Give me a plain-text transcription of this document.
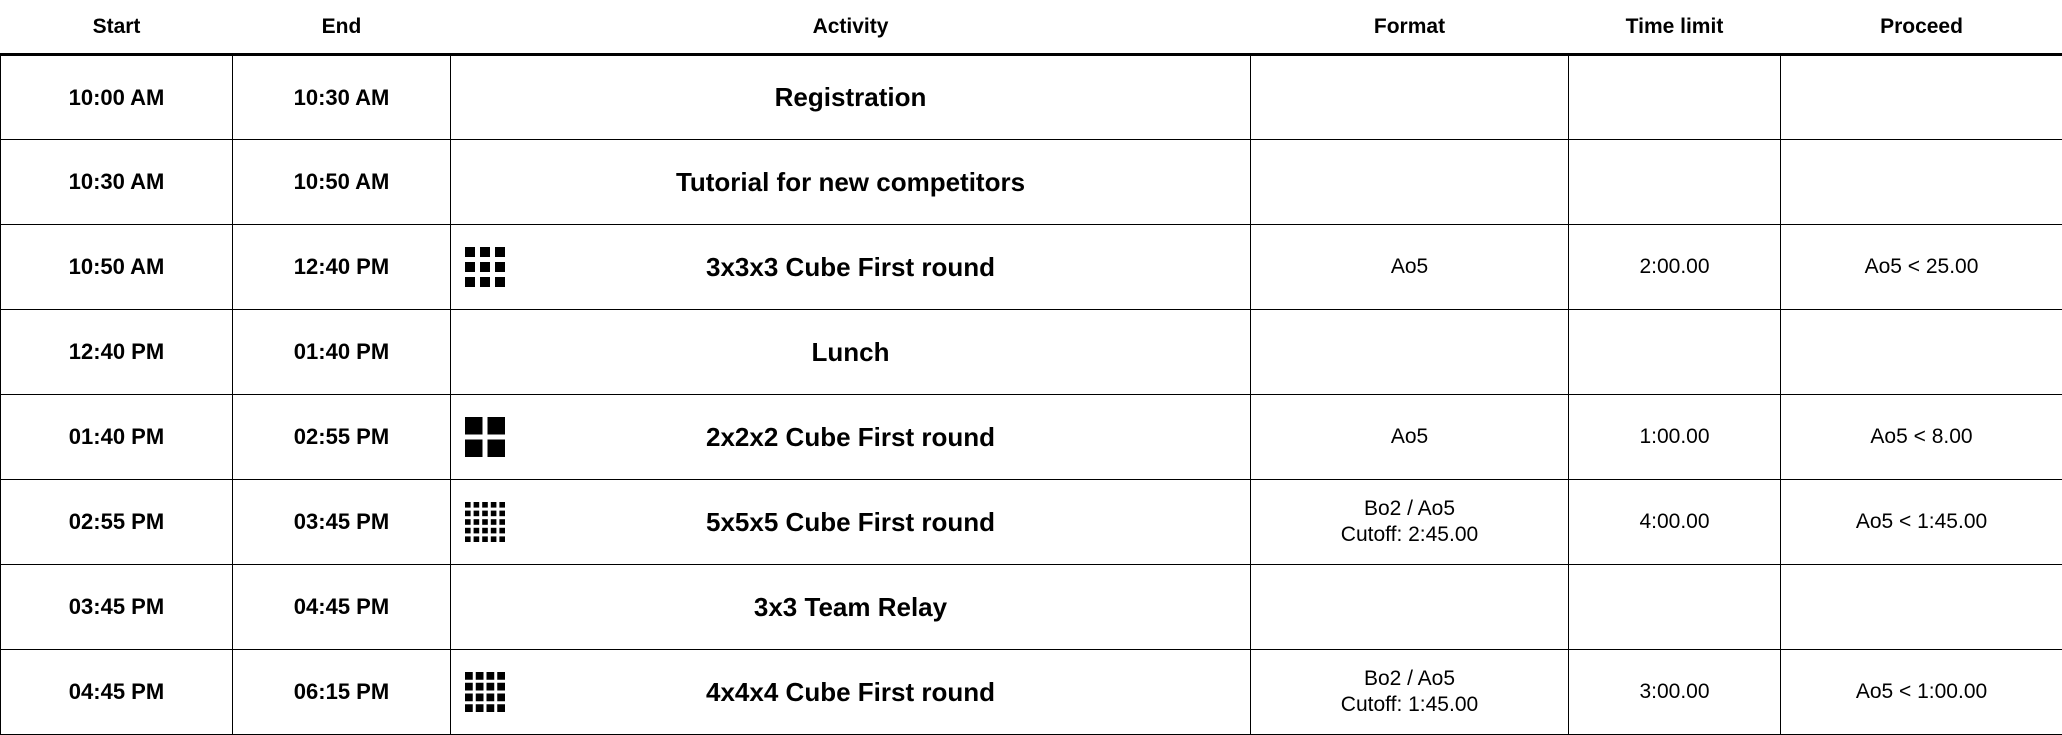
Start	End	Activity	Format	Time limit	Proceed
10:00 AM	10:30 AM	Registration	

10:30 AM	10:50 AM	Tutorial for new competitors	

10:50 AM	12:40 PM	3x3x3 Cube First round	Ao5	2:00.00	Ao5 < 25.00
12:40 PM	01:40 PM	Lunch	

01:40 PM	02:55 PM	2x2x2 Cube First round	Ao5	1:00.00	Ao5 < 8.00
02:55 PM	03:45 PM	5x5x5 Cube First round	Bo2 / Ao5
Cutoff: 2:45.00	4:00.00	Ao5 < 1:45.00
03:45 PM	04:45 PM	3x3 Team Relay	

04:45 PM	06:15 PM	4x4x4 Cube First round	Bo2 / Ao5
Cutoff: 1:45.00	3:00.00	Ao5 < 1:00.00
